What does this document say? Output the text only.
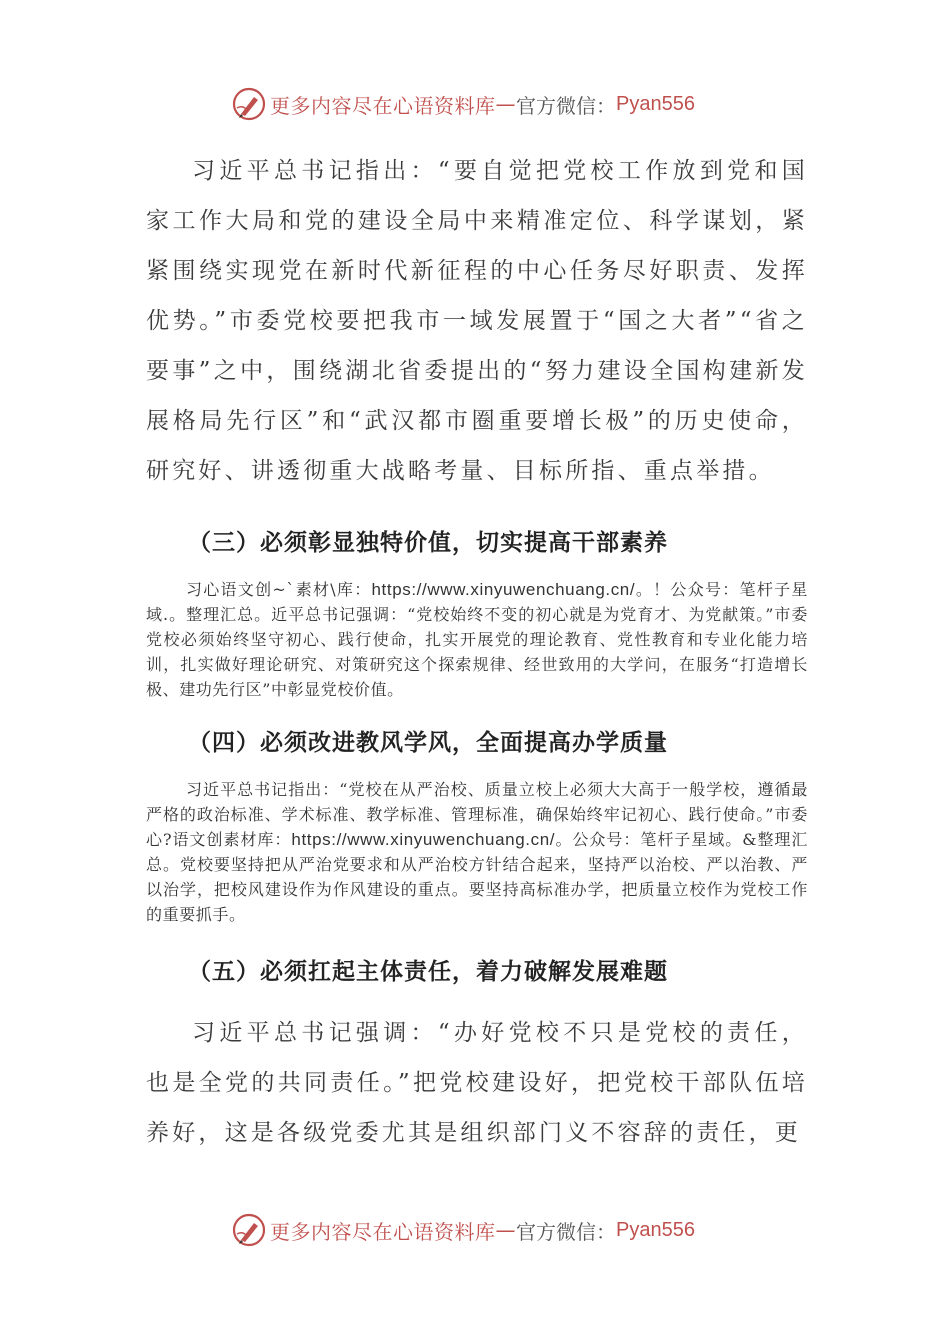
更多内容尽在心语资料库 — 官方微信： Pyan556

习近平总书记指出：“要自觉把党校工作放到党和国家工作大局和党的建设全局中来精准定位、科学谋划，紧紧围绕实现党在新时代新征程的中心任务尽好职责、发挥优势。”市委党校要把我市一域发展置于“国之大者”“省之要事”之中，围绕湖北省委提出的“努力建设全国构建新发展格局先行区”和“武汉都市圈重要增长极”的历史使命，研究好、讲透彻重大战略考量、目标所指、重点举措。

（三）必须彰显独特价值，切实提高干部素养

习心语文创~`素材\库：https://www.xinyuwenchuang.cn/。！公众号：笔杆子星域.。整理汇总。近平总书记强调：“党校始终不变的初心就是为党育才、为党献策。”市委党校必须始终坚守初心、践行使命，扎实开展党的理论教育、党性教育和专业化能力培训，扎实做好理论研究、对策研究这个探索规律、经世致用的大学问，在服务“打造增长极、建功先行区”中彰显党校价值。

（四）必须改进教风学风，全面提高办学质量

习近平总书记指出：“党校在从严治校、质量立校上必须大大高于一般学校，遵循最严格的政治标准、学术标准、教学标准、管理标准，确保始终牢记初心、践行使命。”市委心?语文创素材库：https://www.xinyuwenchuang.cn/。公众号：笔杆子星域。&整理汇总。党校要坚持把从严治党要求和从严治校方针结合起来，坚持严以治校、严以治教、严以治学，把校风建设作为作风建设的重点。要坚持高标准办学，把质量立校作为党校工作的重要抓手。

（五）必须扛起主体责任，着力破解发展难题

习近平总书记强调：“办好党校不只是党校的责任，也是全党的共同责任。”把党校建设好，把党校干部队伍培养好，这是各级党委尤其是组织部门义不容辞的责任，更

更多内容尽在心语资料库 — 官方微信： Pyan556
